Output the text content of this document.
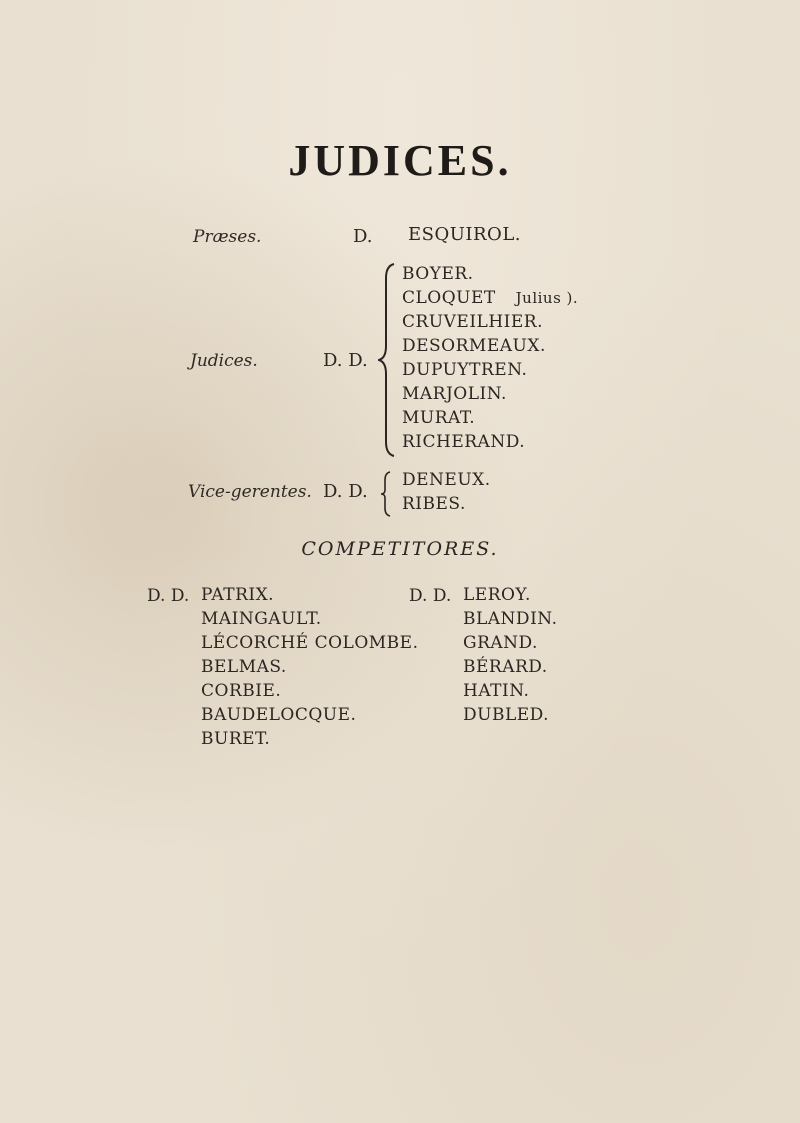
JUDICES.
Præses.	D. ESQUIROL.
Judices.	D. D.
BOYER.
CLOQUET Julius ).
CRUVEILHIER.
DESORMEAUX.
DUPUYTREN.
MARJOLIN.
MURAT.
RICHERAND.
Vice-gerentes. D. D.
DENEUX.
RIBES.
COMPETITORES.
D. D. PATRIX.
MAINGAULT.
LÉCORCHÉ COLOMBE.
BELMAS.
CORBIE.
BAUDELOCQUE.
BURET.
D. D. LEROY.
BLANDIN.
GRAND.
BÉRARD.
HATIN.
DUBLED.
